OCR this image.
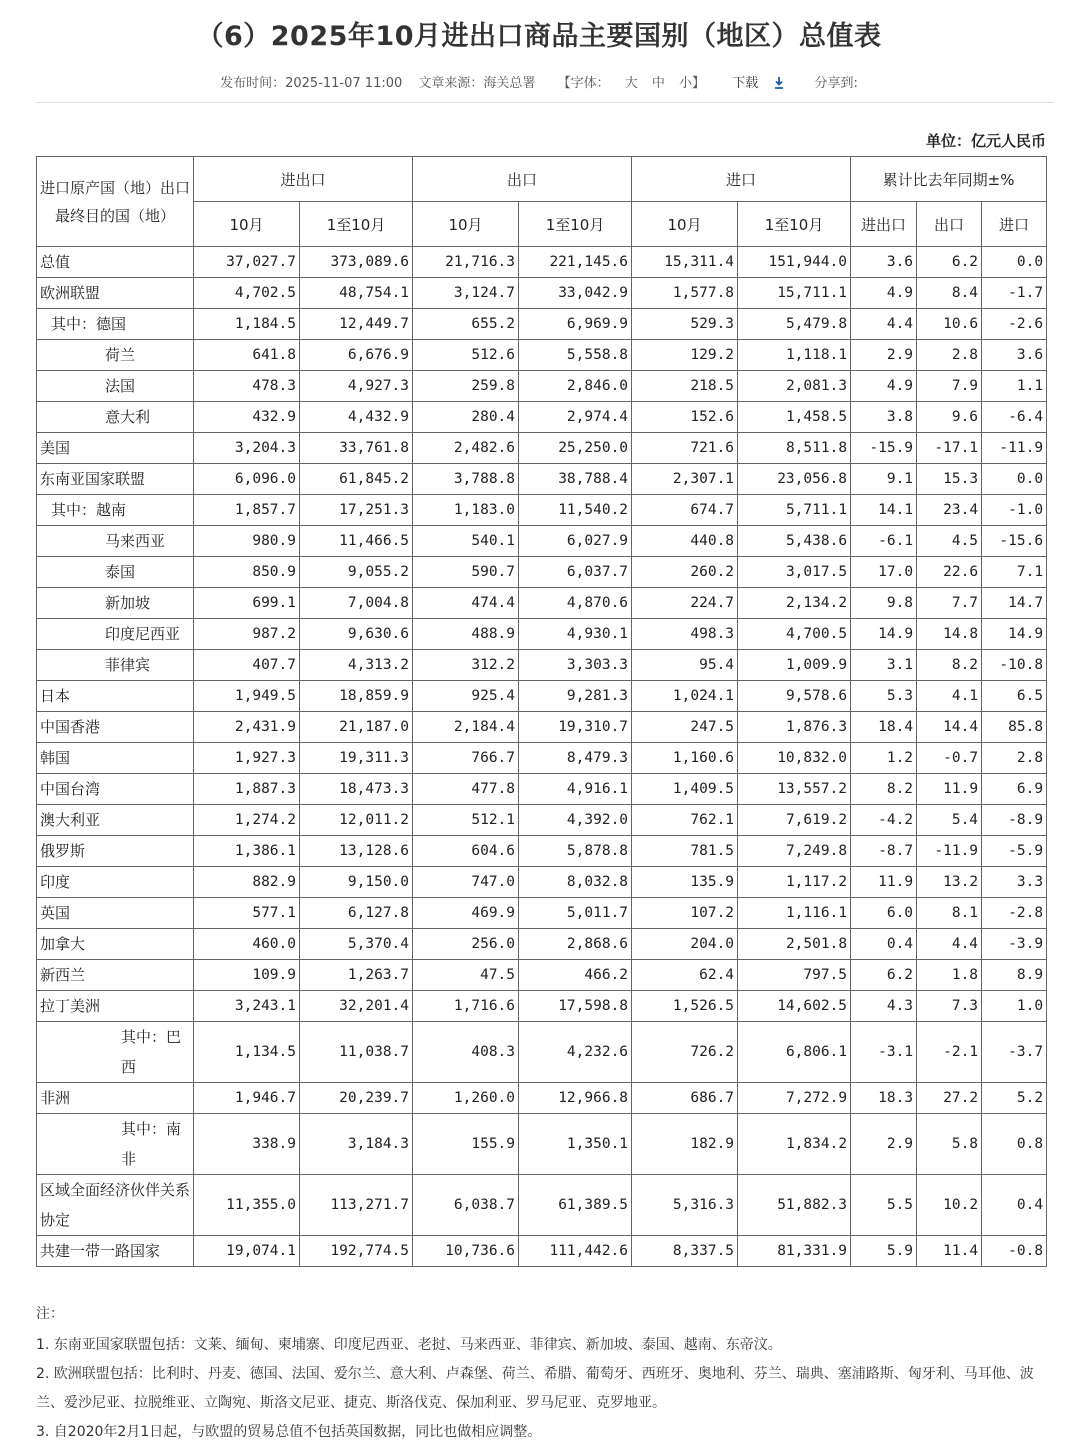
（6）2025年10月进出口商品主要国别（地区）总值表
发布时间：2025-11-07 11:00 文章来源：海关总署 【字体： 大 中 小】 下载	分享到:
单位：亿元人民币
进口原产国（地）出口最终目的国（地）	进出口		出口		进口		累计比去年同期±%		
	10月	1至10月	10月	1至10月	10月	1至10月	进出口	出口	进口
总值	37,027.7	373,089.6	21,716.3	221,145.6	15,311.4	151,944.0	3.6	6.2	0.0
欧洲联盟	4,702.5	48,754.1	3,124.7	33,042.9	1,577.8	15,711.1	4.9	8.4	-1.7
其中：德国	1,184.5	12,449.7	655.2	6,969.9	529.3	5,479.8	4.4	10.6	-2.6
荷兰	641.8	6,676.9	512.6	5,558.8	129.2	1,118.1	2.9	2.8	3.6
法国	478.3	4,927.3	259.8	2,846.0	218.5	2,081.3	4.9	7.9	1.1
意大利	432.9	4,432.9	280.4	2,974.4	152.6	1,458.5	3.8	9.6	-6.4
美国	3,204.3	33,761.8	2,482.6	25,250.0	721.6	8,511.8	-15.9	-17.1	-11.9
东南亚国家联盟	6,096.0	61,845.2	3,788.8	38,788.4	2,307.1	23,056.8	9.1	15.3	0.0
其中：越南	1,857.7	17,251.3	1,183.0	11,540.2	674.7	5,711.1	14.1	23.4	-1.0
马来西亚	980.9	11,466.5	540.1	6,027.9	440.8	5,438.6	-6.1	4.5	-15.6
泰国	850.9	9,055.2	590.7	6,037.7	260.2	3,017.5	17.0	22.6	7.1
新加坡	699.1	7,004.8	474.4	4,870.6	224.7	2,134.2	9.8	7.7	14.7
印度尼西亚	987.2	9,630.6	488.9	4,930.1	498.3	4,700.5	14.9	14.8	14.9
菲律宾	407.7	4,313.2	312.2	3,303.3	95.4	1,009.9	3.1	8.2	-10.8
日本	1,949.5	18,859.9	925.4	9,281.3	1,024.1	9,578.6	5.3	4.1	6.5
中国香港	2,431.9	21,187.0	2,184.4	19,310.7	247.5	1,876.3	18.4	14.4	85.8
韩国	1,927.3	19,311.3	766.7	8,479.3	1,160.6	10,832.0	1.2	-0.7	2.8
中国台湾	1,887.3	18,473.3	477.8	4,916.1	1,409.5	13,557.2	8.2	11.9	6.9
澳大利亚	1,274.2	12,011.2	512.1	4,392.0	762.1	7,619.2	-4.2	5.4	-8.9
俄罗斯	1,386.1	13,128.6	604.6	5,878.8	781.5	7,249.8	-8.7	-11.9	-5.9
印度	882.9	9,150.0	747.0	8,032.8	135.9	1,117.2	11.9	13.2	3.3
英国	577.1	6,127.8	469.9	5,011.7	107.2	1,116.1	6.0	8.1	-2.8
加拿大	460.0	5,370.4	256.0	2,868.6	204.0	2,501.8	0.4	4.4	-3.9
新西兰	109.9	1,263.7	47.5	466.2	62.4	797.5	6.2	1.8	8.9
拉丁美洲	3,243.1	32,201.4	1,716.6	17,598.8	1,526.5	14,602.5	4.3	7.3	1.0
其中：巴西	1,134.5	11,038.7	408.3	4,232.6	726.2	6,806.1	-3.1	-2.1	-3.7
非洲	1,946.7	20,239.7	1,260.0	12,966.8	686.7	7,272.9	18.3	27.2	5.2
其中：南非	338.9	3,184.3	155.9	1,350.1	182.9	1,834.2	2.9	5.8	0.8
区域全面经济伙伴关系协定	11,355.0	113,271.7	6,038.7	61,389.5	5,316.3	51,882.3	5.5	10.2	0.4
共建一带一路国家	19,074.1	192,774.5	10,736.6	111,442.6	8,337.5	81,331.9	5.9	11.4	-0.8

注：

1. 东南亚国家联盟包括：文莱、缅甸、柬埔寨、印度尼西亚、老挝、马来西亚、菲律宾、新加坡、泰国、越南、东帝汶。

2. 欧洲联盟包括：比利时、丹麦、德国、法国、爱尔兰、意大利、卢森堡、荷兰、希腊、葡萄牙、西班牙、奥地利、芬兰、瑞典、塞浦路斯、匈牙利、马耳他、波兰、爱沙尼亚、拉脱维亚、立陶宛、斯洛文尼亚、捷克、斯洛伐克、保加利亚、罗马尼亚、克罗地亚。

3. 自2020年2月1日起，与欧盟的贸易总值不包括英国数据，同比也做相应调整。
